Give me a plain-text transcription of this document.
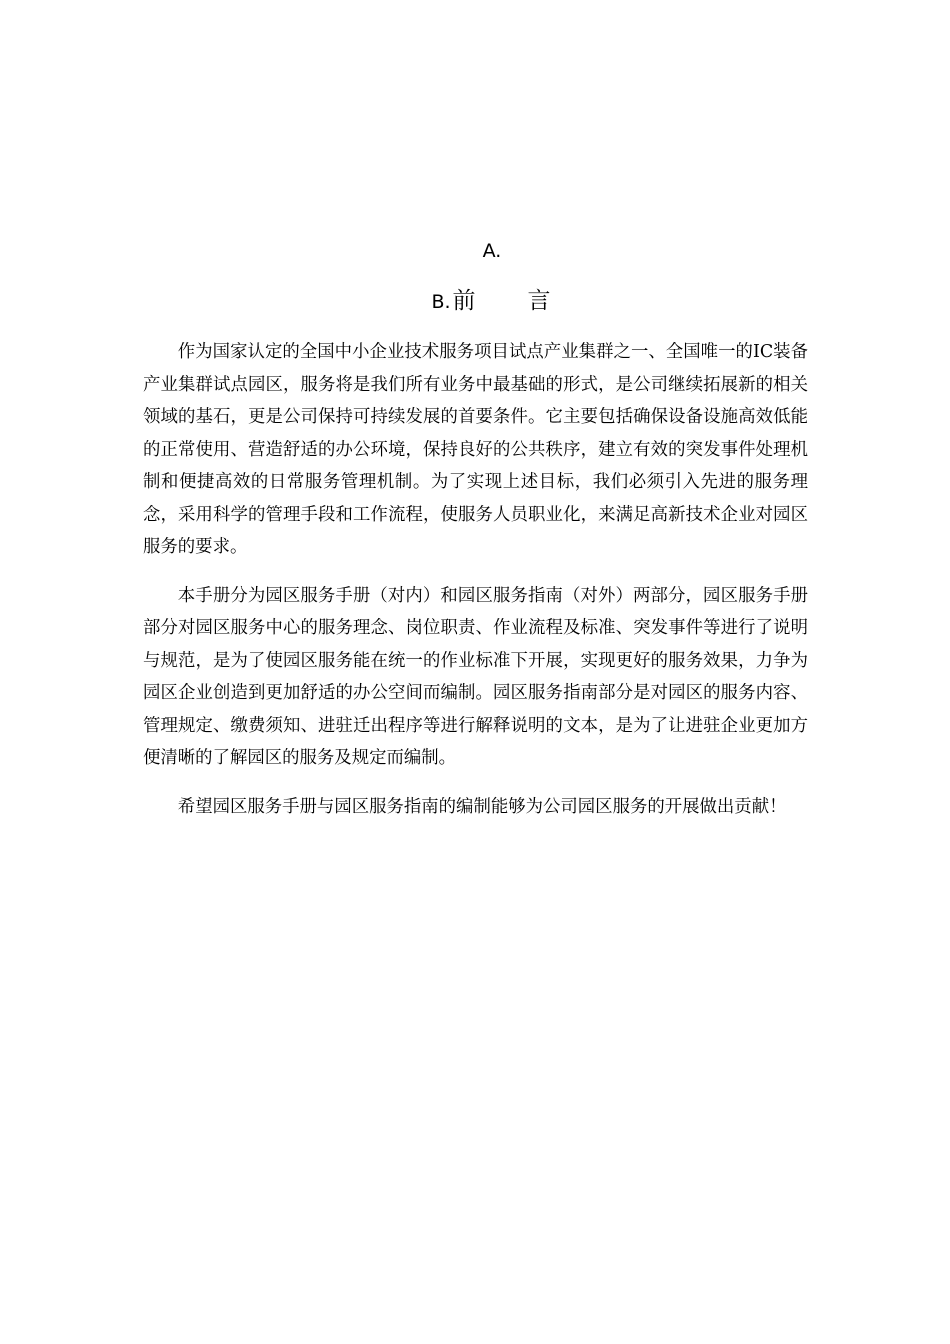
A.
B.前　　言

作为国家认定的全国中小企业技术服务项目试点产业集群之一、全国唯一的IC装备产业集群试点园区，服务将是我们所有业务中最基础的形式，是公司继续拓展新的相关领域的基石，更是公司保持可持续发展的首要条件。它主要包括确保设备设施高效低能的正常使用、营造舒适的办公环境，保持良好的公共秩序，建立有效的突发事件处理机制和便捷高效的日常服务管理机制。为了实现上述目标，我们必须引入先进的服务理念，采用科学的管理手段和工作流程，使服务人员职业化，来满足高新技术企业对园区服务的要求。

本手册分为园区服务手册（对内）和园区服务指南（对外）两部分，园区服务手册部分对园区服务中心的服务理念、岗位职责、作业流程及标准、突发事件等进行了说明与规范，是为了使园区服务能在统一的作业标准下开展，实现更好的服务效果，力争为园区企业创造到更加舒适的办公空间而编制。园区服务指南部分是对园区的服务内容、管理规定、缴费须知、进驻迁出程序等进行解释说明的文本，是为了让进驻企业更加方便清晰的了解园区的服务及规定而编制。

希望园区服务手册与园区服务指南的编制能够为公司园区服务的开展做出贡献！
